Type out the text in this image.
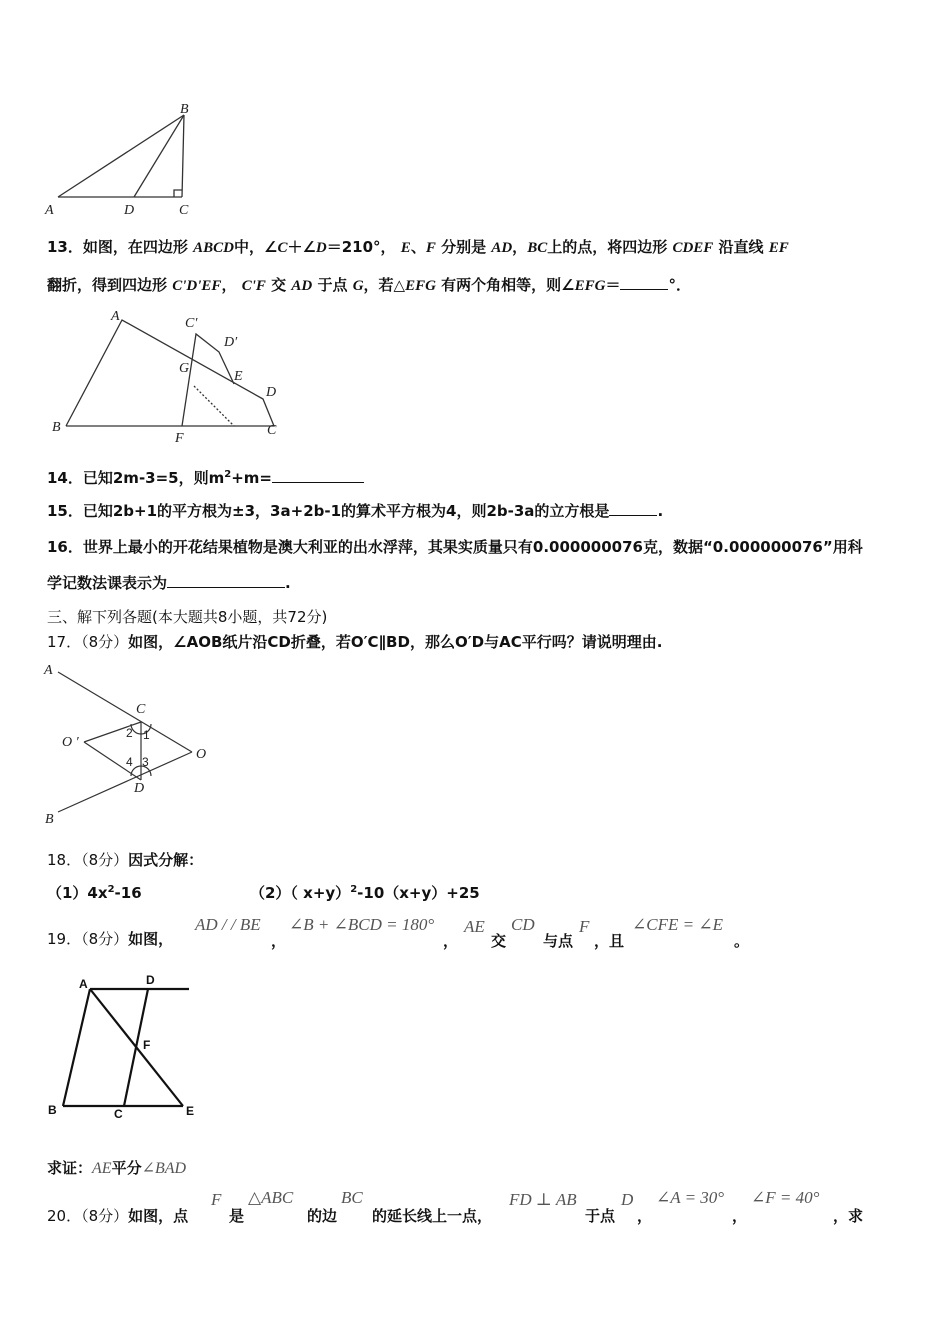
B
A	D	C
13．如图，在四边形 ABCD中，∠C＋∠D＝210°， E、F 分别是 AD，BC上的点，将四边形 CDEF 沿直线 EF
翻折，得到四边形 C'D'EF， C'F 交 AD 于点 G，若△EFG 有两个角相等，则∠EFG＝	°．
A	C′
D′
G
E
D
B
F
C
14．已知2m-3=5，则$m^2+m=$
15．已知2b+1的平方根为±3，3a+2b-1的算术平方根为4，则2b-3a的立方根是	.
16．世界上最小的开花结果植物是澳大利亚的出水浮萍，其果实质量只有0.000000076克，数据“0.000000076”用科
学记数法课表示为	.
三、解下列各题(本大题共8小题，共72分)
17．（8分）如图，∠AOB纸片沿CD折叠，若O′C∥BD，那么O′D与AC平行吗？请说明理由.
A
C
O ′
O
D
B
1
2
3
4
18．（8分）因式分解：
$(1)4x^2-16$	（2）（ x+y）$^2$-10（x+y）+25
19．（8分）如图，
AD / / BE
，
∠B + ∠BCD = 180°
，
AE
交
CD
与点
F
，且
∠CFE = ∠E
。
A	D
F
B	C	E
求证：AE平分∠BAD
20．（8分）如图，点
F
是
△ABC
的边
BC
的延长线上一点，
FD ⊥ AB
于点
D
，
∠A = 30°
，
∠F = 40°
，求
